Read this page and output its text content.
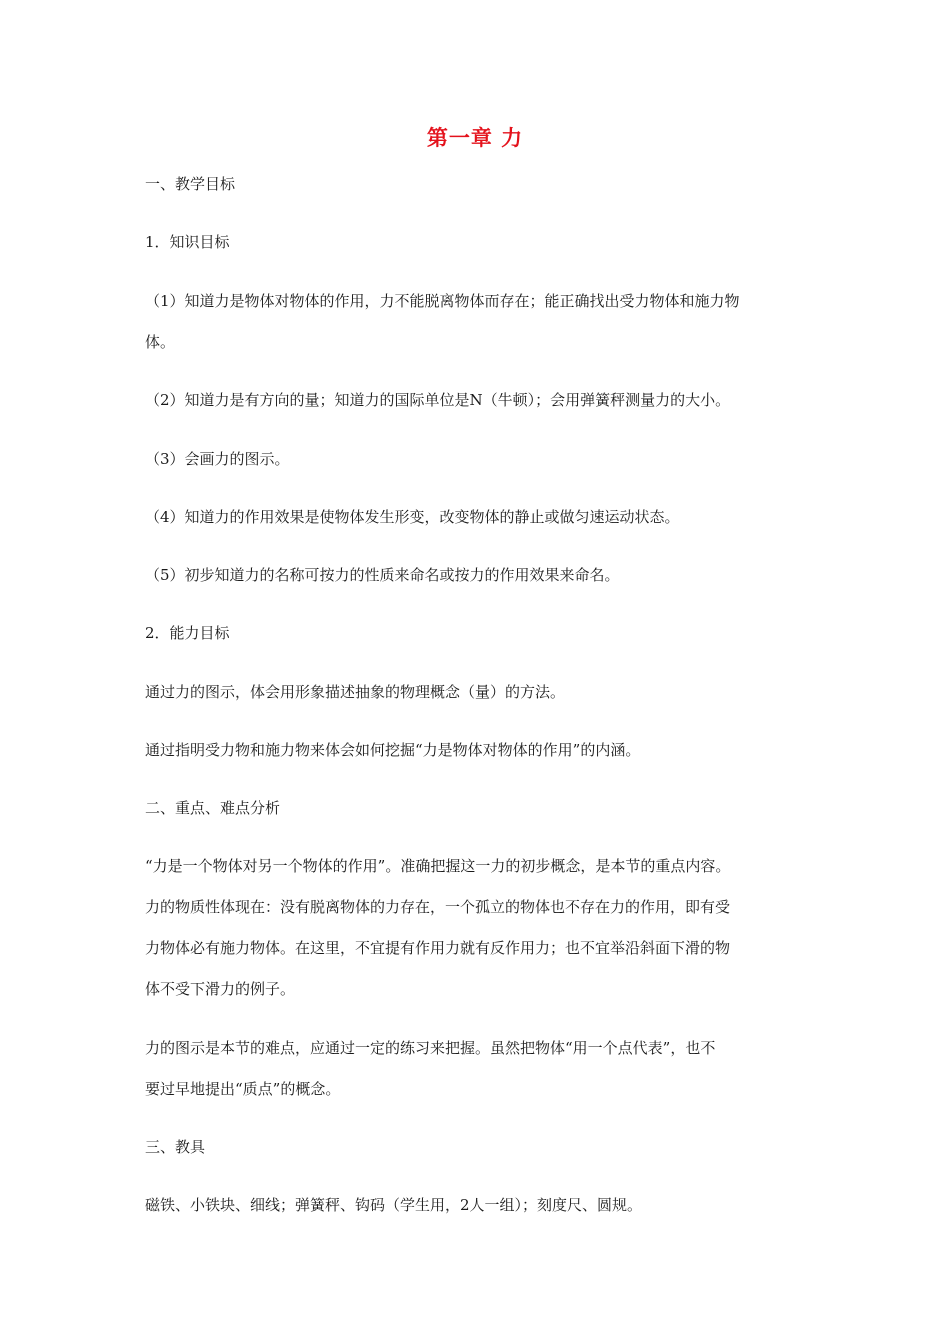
第一章 力
一、教学目标
1．知识目标
（1）知道力是物体对物体的作用，力不能脱离物体而存在；能正确找出受力物体和施力物
体。
（2）知道力是有方向的量；知道力的国际单位是N（牛顿）；会用弹簧秤测量力的大小。
（3）会画力的图示。
（4）知道力的作用效果是使物体发生形变，改变物体的静止或做匀速运动状态。
（5）初步知道力的名称可按力的性质来命名或按力的作用效果来命名。
2．能力目标
通过力的图示，体会用形象描述抽象的物理概念（量）的方法。
通过指明受力物和施力物来体会如何挖掘“力是物体对物体的作用”的内涵。
二、重点、难点分析
“力是一个物体对另一个物体的作用”。准确把握这一力的初步概念，是本节的重点内容。
力的物质性体现在：没有脱离物体的力存在，一个孤立的物体也不存在力的作用，即有受
力物体必有施力物体。在这里，不宜提有作用力就有反作用力；也不宜举沿斜面下滑的物
体不受下滑力的例子。
力的图示是本节的难点，应通过一定的练习来把握。虽然把物体“用一个点代表”，也不
要过早地提出“质点”的概念。
三、教具
磁铁、小铁块、细线；弹簧秤、钩码（学生用，2人一组）；刻度尺、圆规。
